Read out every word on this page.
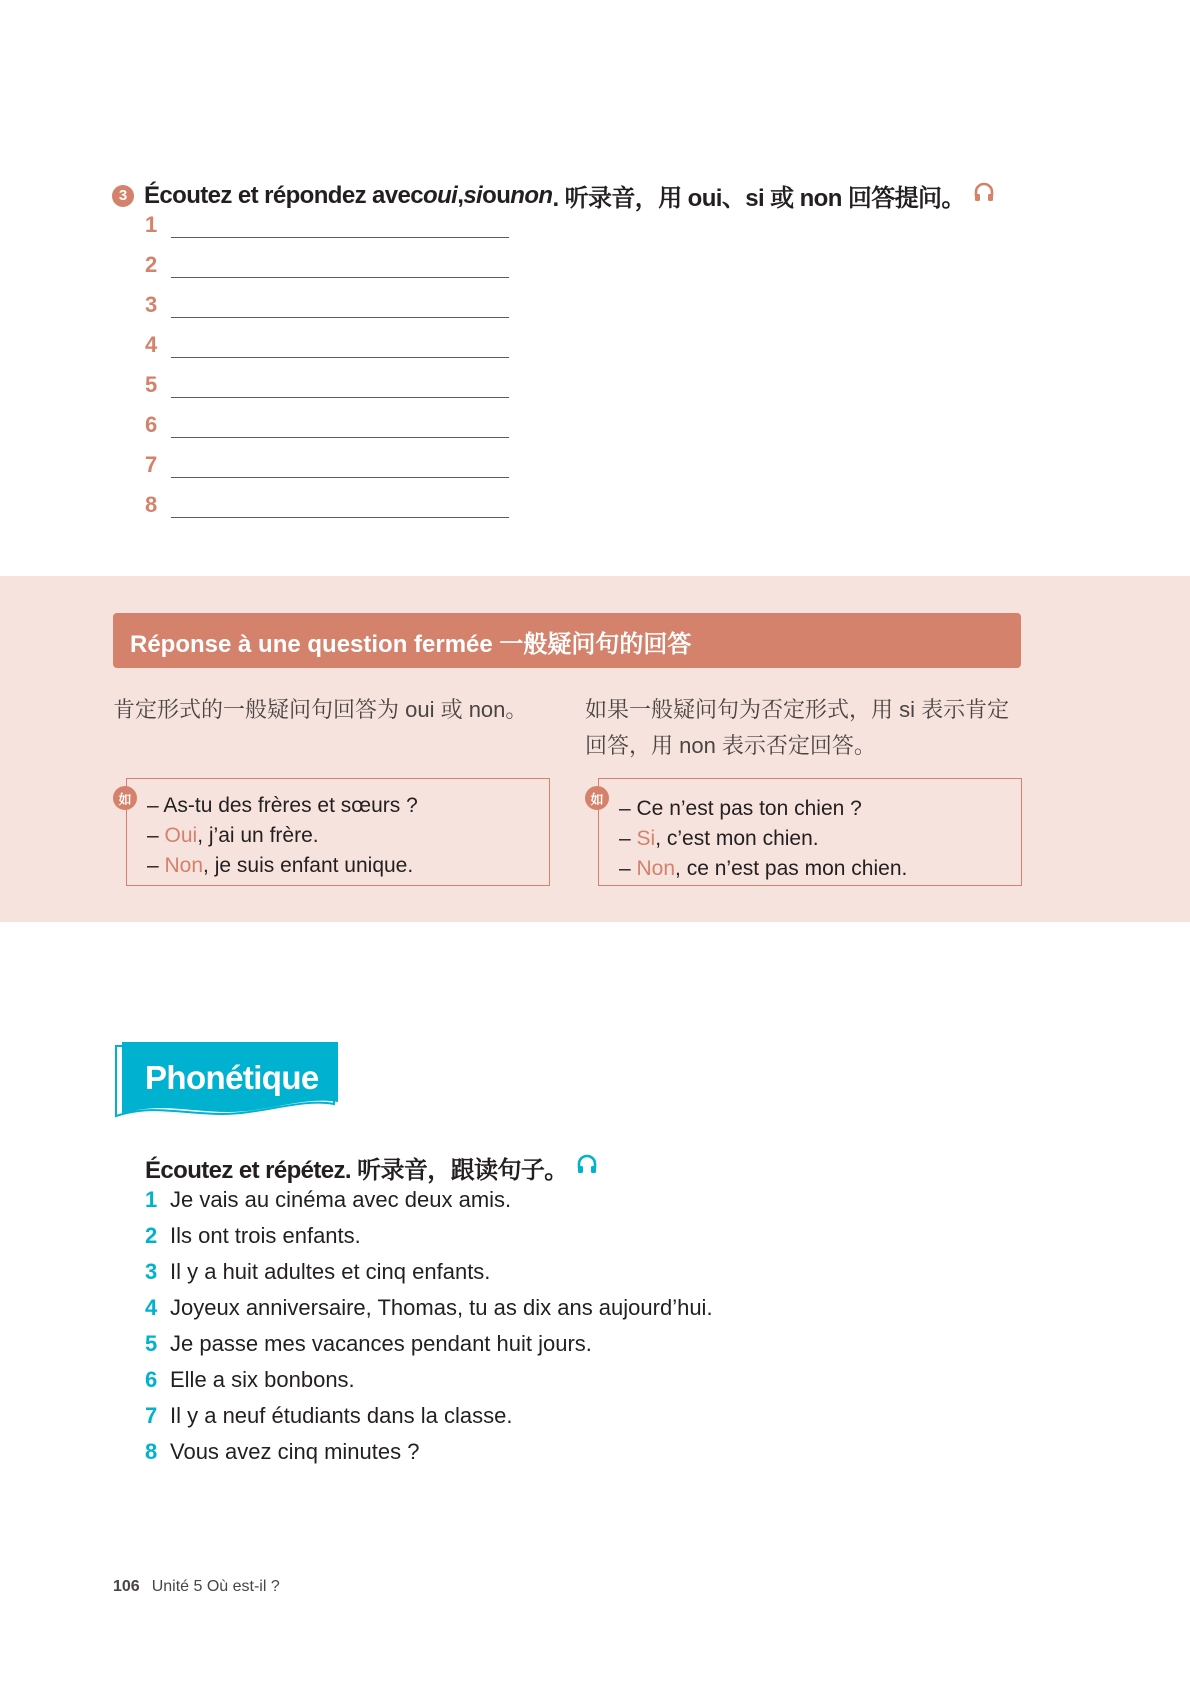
3 Écoutez et répondez avec oui , si ou non . 听录音，用 oui、si 或 non 回答提问。
1
2
3
4
5
6
7
8
Réponse à une question fermée 一般疑问句的回答
肯定形式的一般疑问句回答为 oui 或 non。	如果一般疑问句为否定形式，用 si 表示肯定回答，用 non 表示否定回答。
如 – As-tu des frères et sœurs ?
– Oui, j’ai un frère.
– Non, je suis enfant unique.
如 – Ce n’est pas ton chien ?
– Si, c’est mon chien.
– Non, ce n’est pas mon chien.
Phonétique
Écoutez et répétez. 听录音，跟读句子。
1 Je vais au cinéma avec deux amis.
2 Ils ont trois enfants.
3 Il y a huit adultes et cinq enfants.
4 Joyeux anniversaire, Thomas, tu as dix ans aujourd’hui.
5 Je passe mes vacances pendant huit jours.
6 Elle a six bonbons.
7 Il y a neuf étudiants dans la classe.
8 Vous avez cinq minutes ?
106 Unité 5 Où est-il ?
